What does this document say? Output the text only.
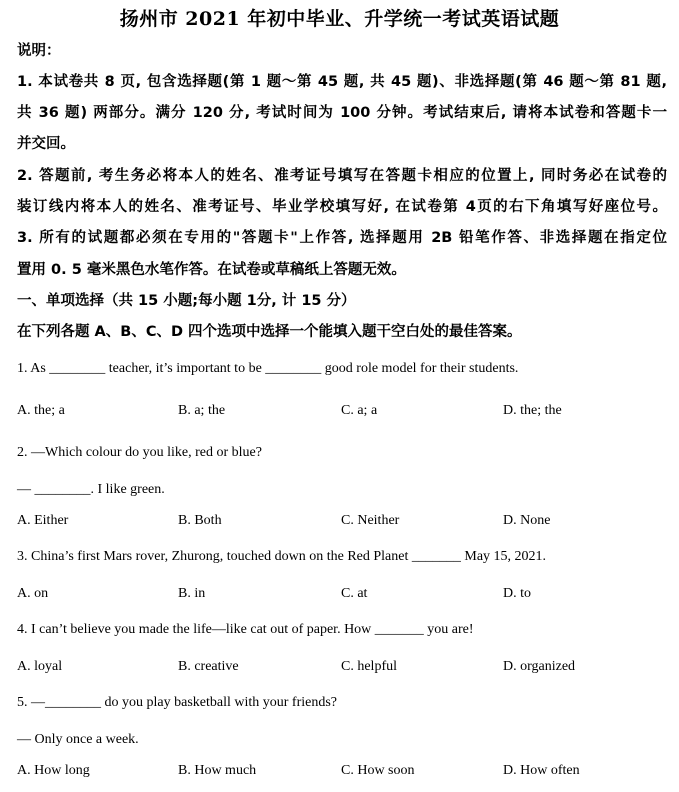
扬州市 2021 年初中毕业、升学统一考试英语试题
说明：
1. 本试卷共 8 页, 包含选择题(第 1 题～第 45 题, 共 45 题)、非选择题(第 46 题～第 81 题,
共 36 题) 两部分。满分 120 分, 考试时间为 100 分钟。考试结束后, 请将本试卷和答题卡一
并交回。
2. 答题前, 考生务必将本人的姓名、准考证号填写在答题卡相应的位置上, 同时务必在试卷的
装订线内将本人的姓名、准考证号、毕业学校填写好, 在试卷第 4页的右下角填写好座位号。
3. 所有的试题都必须在专用的"答题卡"上作答, 选择题用 2B 铅笔作答、非选择题在指定位
置用 0. 5 毫米黑色水笔作答。在试卷或草稿纸上答题无效。
一、单项选择（共 15 小题;每小题 1分, 计 15 分）
在下列各题 A、B、C、D 四个选项中选择一个能填入题干空白处的最佳答案。
1. As ________ teacher, it’s important to be ________ good role model for their students.
A. the; a	B. a; the	C. a; a	D. the; the
2. —Which colour do you like, red or blue?
— ________. I like green.
A. Either	B. Both	C. Neither	D. None
3. China’s first Mars rover, Zhurong, touched down on the Red Planet _______ May 15, 2021.
A. on	B. in	C. at	D. to
4. I can’t believe you made the life—like cat out of paper. How _______ you are!
A. loyal	B. creative	C. helpful	D. organized
5. —________ do you play basketball with your friends?
— Only once a week.
A. How long	B. How much	C. How soon	D. How often
